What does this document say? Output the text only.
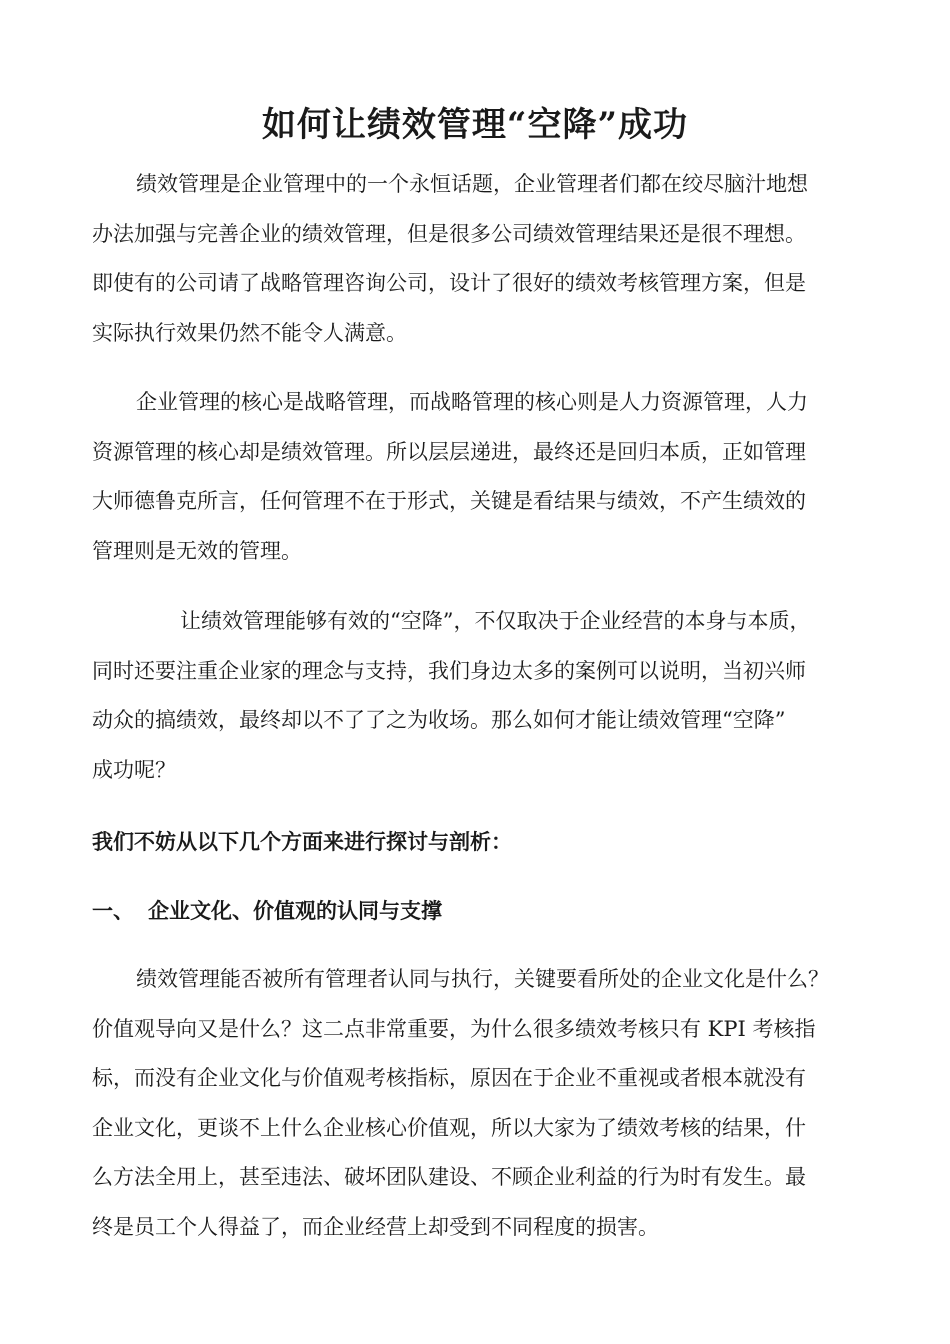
如何让绩效管理“空降”成功
绩效管理是企业管理中的一个永恒话题，企业管理者们都在绞尽脑汁地想
办法加强与完善企业的绩效管理，但是很多公司绩效管理结果还是很不理想。
即使有的公司请了战略管理咨询公司，设计了很好的绩效考核管理方案，但是
实际执行效果仍然不能令人满意。
企业管理的核心是战略管理，而战略管理的核心则是人力资源管理，人力
资源管理的核心却是绩效管理。所以层层递进，最终还是回归本质，正如管理
大师德鲁克所言，任何管理不在于形式，关键是看结果与绩效，不产生绩效的
管理则是无效的管理。
让绩效管理能够有效的“空降”，不仅取决于企业经营的本身与本质，
同时还要注重企业家的理念与支持，我们身边太多的案例可以说明，当初兴师
动众的搞绩效，最终却以不了了之为收场。那么如何才能让绩效管理“空降”
成功呢？
我们不妨从以下几个方面来进行探讨与剖析：
一、 企业文化、价值观的认同与支撑
绩效管理能否被所有管理者认同与执行，关键要看所处的企业文化是什么？
价值观导向又是什么？这二点非常重要，为什么很多绩效考核只有 KPI 考核指
标，而没有企业文化与价值观考核指标，原因在于企业不重视或者根本就没有
企业文化，更谈不上什么企业核心价值观，所以大家为了绩效考核的结果，什
么方法全用上，甚至违法、破坏团队建设、不顾企业利益的行为时有发生。最
终是员工个人得益了，而企业经营上却受到不同程度的损害。
